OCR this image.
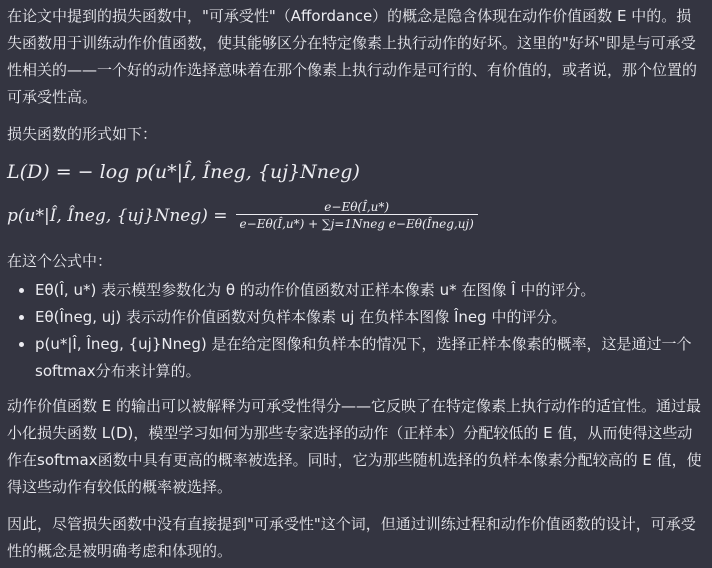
在论文中提到的损失函数中，"可承受性"（Affordance）的概念是隐含体现在动作价值函数 E 中的。损失函数用于训练动作价值函数，使其能够区分在特定像素上执行动作的好坏。这里的"好坏"即是与可承受性相关的——一个好的动作选择意味着在那个像素上执行动作是可行的、有价值的，或者说，那个位置的可承受性高。

损失函数的形式如下：

L(D) = − log p(u*|Î, Îneg, {uj}Nneg)
p(u*|Î, Îneg, {uj}Nneg) = $\frac{e-E\theta(Î,u*)}{\text{e−Eθ(Î,u*) + ∑j=1Nneg e−Eθ(Îneg,uj)}}$

在这个公式中：

• Eθ(Î, u*) 表示模型参数化为 θ 的动作价值函数对正样本像素 u* 在图像 Î 中的评分。
• Eθ(Îneg, uj) 表示动作价值函数对负样本像素 uj 在负样本图像 Îneg 中的评分。
• p(u*|Î, Îneg, {uj}Nneg) 是在给定图像和负样本的情况下，选择正样本像素的概率，这是通过一个softmax分布来计算的。

动作价值函数 E 的输出可以被解释为可承受性得分——它反映了在特定像素上执行动作的适宜性。通过最小化损失函数 L(D)，模型学习如何为那些专家选择的动作（正样本）分配较低的 E 值，从而使得这些动作在softmax函数中具有更高的概率被选择。同时，它为那些随机选择的负样本像素分配较高的 E 值，使得这些动作有较低的概率被选择。

因此，尽管损失函数中没有直接提到"可承受性"这个词，但通过训练过程和动作价值函数的设计，可承受性的概念是被明确考虑和体现的。
